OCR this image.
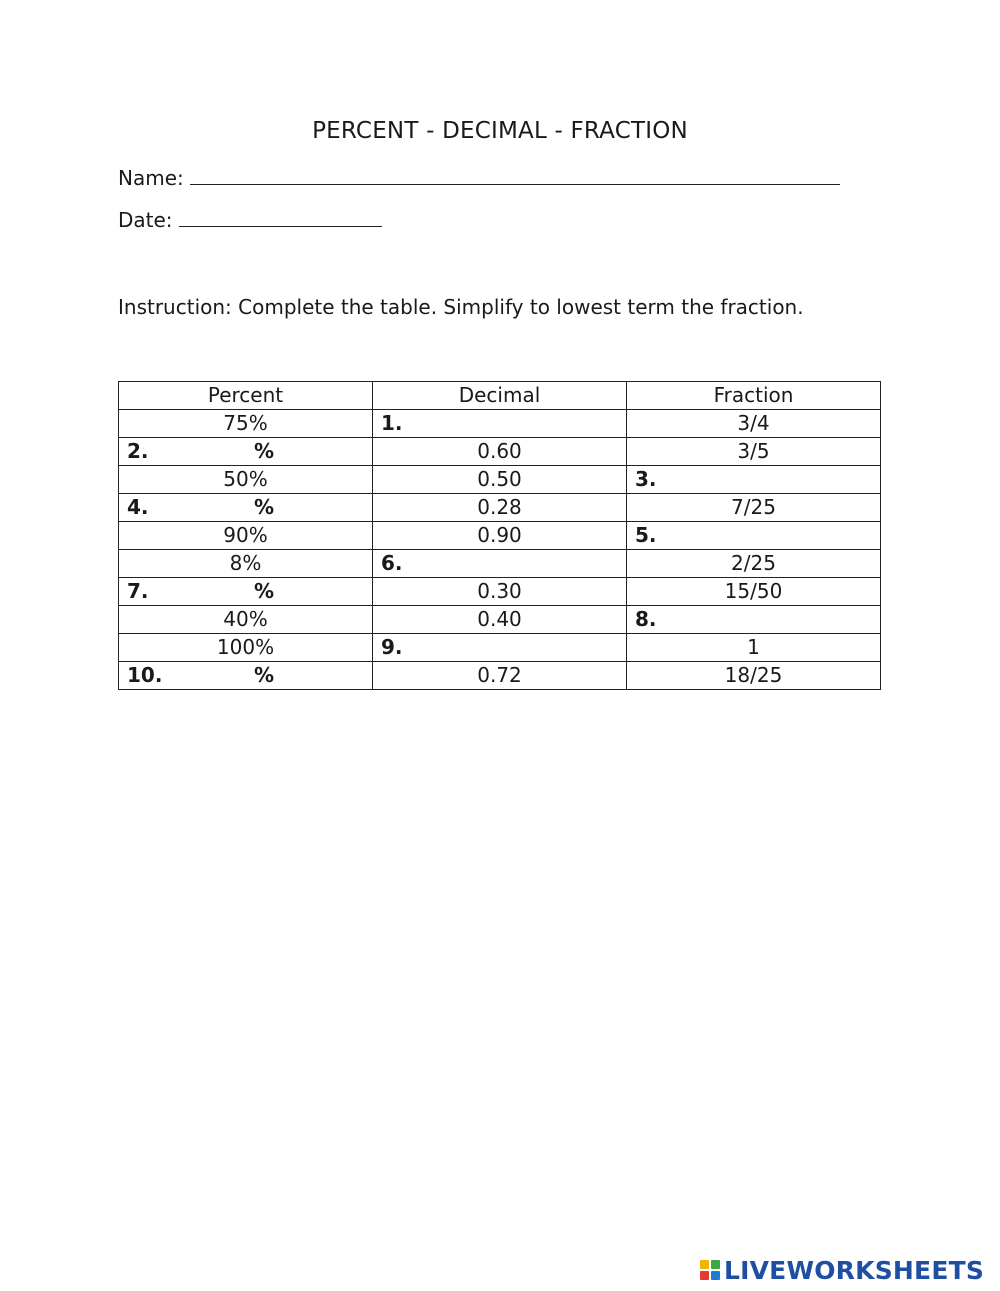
PERCENT - DECIMAL - FRACTION
Name:
Date:
Instruction: Complete the table. Simplify to lowest term the fraction.
Percent	Decimal	Fraction
75%	1.	3/4

2. %	0.60	3/5
50%	0.50	3.

4. %	0.28	7/25
90%	0.90	5.
8%	6.	2/25

7. %	0.30	15/50
40%	0.40	8.
100%	9.	1

10. %	0.72	18/25
LIVEWORKSHEETS
